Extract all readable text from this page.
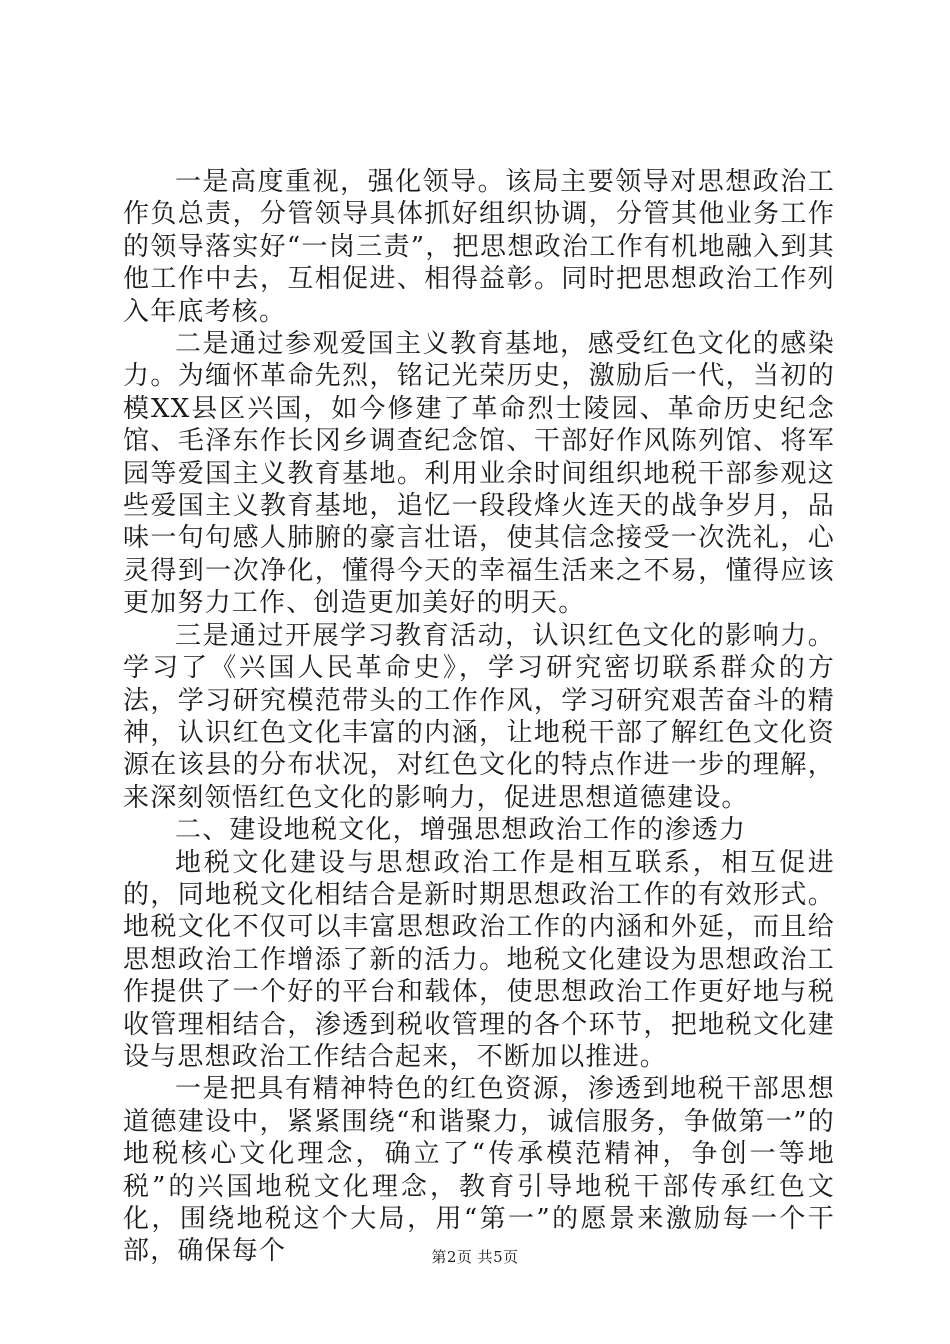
一是高度重视，强化领导。该局主要领导对思想政治工作负总责，分管领导具体抓好组织协调，分管其他业务工作的领导落实好“一岗三责”，把思想政治工作有机地融入到其他工作中去，互相促进、相得益彰。同时把思想政治工作列入年底考核。

二是通过参观爱国主义教育基地，感受红色文化的感染力。为缅怀革命先烈，铭记光荣历史，激励后一代，当初的模XX县区兴国，如今修建了革命烈士陵园、革命历史纪念馆、毛泽东作长冈乡调查纪念馆、干部好作风陈列馆、将军园等爱国主义教育基地。利用业余时间组织地税干部参观这些爱国主义教育基地，追忆一段段烽火连天的战争岁月，品味一句句感人肺腑的豪言壮语，使其信念接受一次洗礼，心灵得到一次净化，懂得今天的幸福生活来之不易，懂得应该更加努力工作、创造更加美好的明天。

三是通过开展学习教育活动，认识红色文化的影响力。学习了《兴国人民革命史》，学习研究密切联系群众的方法，学习研究模范带头的工作作风，学习研究艰苦奋斗的精神，认识红色文化丰富的内涵，让地税干部了解红色文化资源在该县的分布状况，对红色文化的特点作进一步的理解，来深刻领悟红色文化的影响力，促进思想道德建设。

二、建设地税文化，增强思想政治工作的渗透力

地税文化建设与思想政治工作是相互联系，相互促进的，同地税文化相结合是新时期思想政治工作的有效形式。地税文化不仅可以丰富思想政治工作的内涵和外延，而且给思想政治工作增添了新的活力。地税文化建设为思想政治工作提供了一个好的平台和载体，使思想政治工作更好地与税收管理相结合，渗透到税收管理的各个环节，把地税文化建设与思想政治工作结合起来，不断加以推进。

一是把具有精神特色的红色资源，渗透到地税干部思想道德建设中，紧紧围绕“和谐聚力，诚信服务，争做第一”的地税核心文化理念，确立了“传承模范精神，争创一等地税”的兴国地税文化理念，教育引导地税干部传承红色文化，围绕地税这个大局，用“第一”的愿景来激励每一个干部，确保每个	第2页 共5页
